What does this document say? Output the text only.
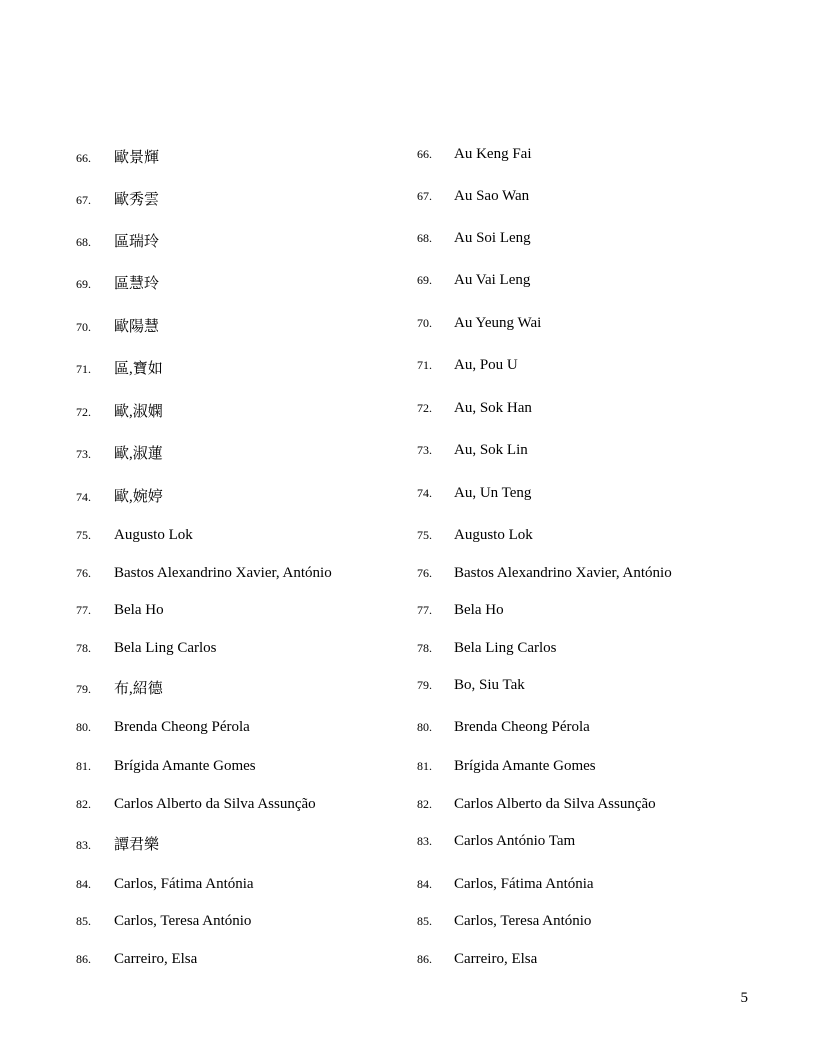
66.	歐景輝
67.	歐秀雲
68.	區瑞玲
69.	區慧玲
70.	歐陽慧
71.	區,寶如
72.	歐,淑嫻
73.	歐,淑蓮
74.	歐,婉婷
75.	Augusto Lok
76.	Bastos Alexandrino Xavier, António
77.	Bela Ho
78.	Bela Ling Carlos
79.	布,紹德
80.	Brenda Cheong Pérola
81.	Brígida Amante Gomes
82.	Carlos Alberto da Silva Assunção
83.	譚君樂
84.	Carlos, Fátima Antónia
85.	Carlos, Teresa António
86.	Carreiro, Elsa
66.	Au Keng Fai
67.	Au Sao Wan
68.	Au Soi Leng
69.	Au Vai Leng
70.	Au Yeung Wai
71.	Au, Pou U
72.	Au, Sok Han
73.	Au, Sok Lin
74.	Au, Un Teng
75.	Augusto Lok
76.	Bastos Alexandrino Xavier, António
77.	Bela Ho
78.	Bela Ling Carlos
79.	Bo, Siu Tak
80.	Brenda Cheong Pérola
81.	Brígida Amante Gomes
82.	Carlos Alberto da Silva Assunção
83.	Carlos António Tam
84.	Carlos, Fátima Antónia
85.	Carlos, Teresa António
86.	Carreiro, Elsa
5
